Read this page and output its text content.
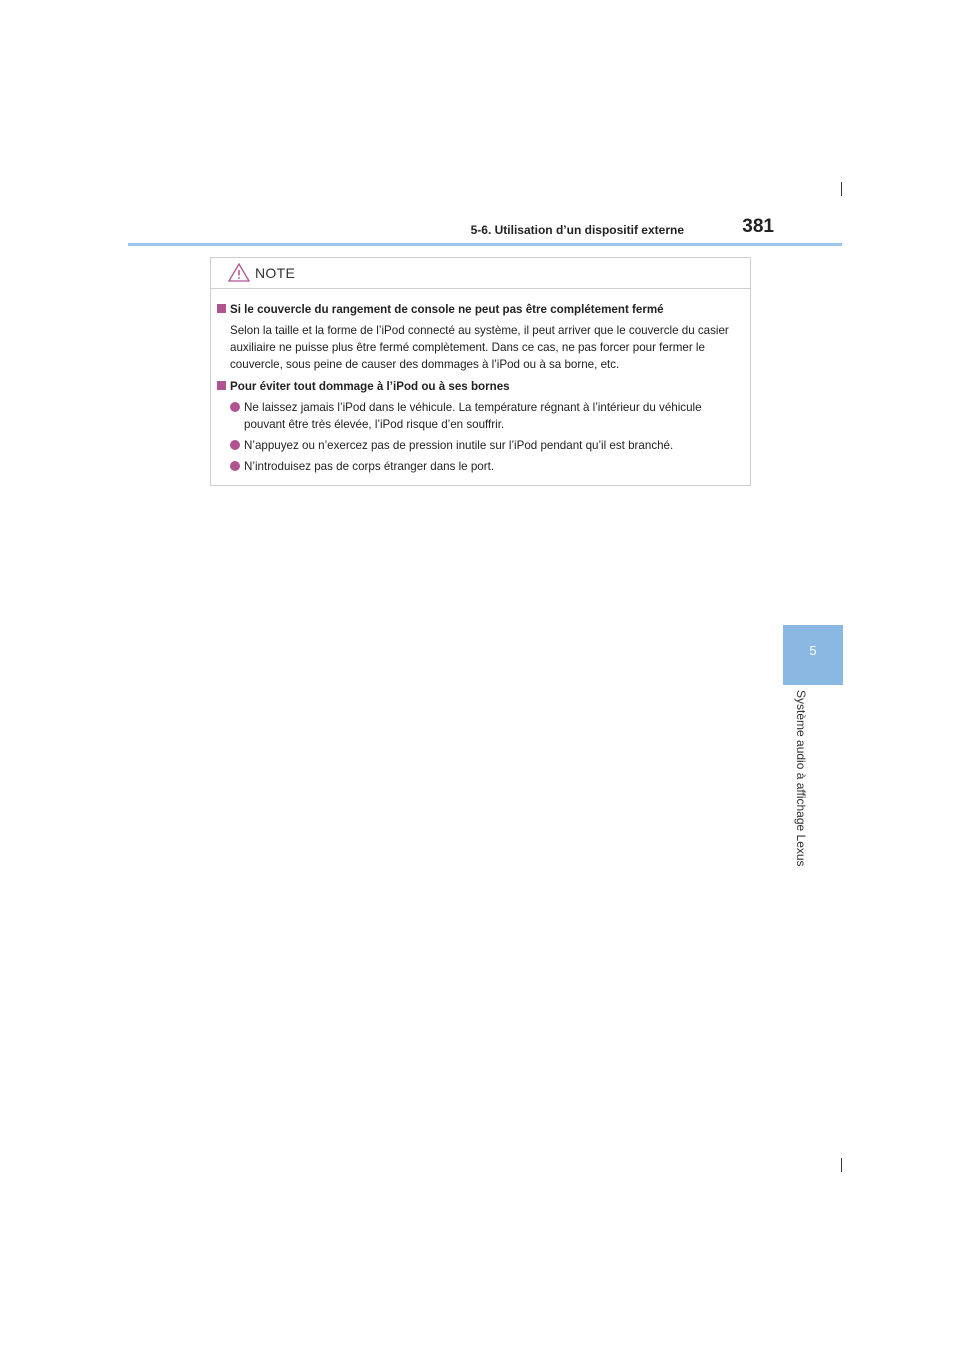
5-6. Utilisation d’un dispositif externe	381
5
Système audio à affichage Lexus
NOTE
Si le couvercle du rangement de console ne peut pas être complétement fermé
Selon la taille et la forme de l’iPod connecté au système, il peut arriver que le couvercle du casier auxiliaire ne puisse plus être fermé complètement. Dans ce cas, ne pas forcer pour fermer le couvercle, sous peine de causer des dommages à l’iPod ou à sa borne, etc.
Pour éviter tout dommage à l’iPod ou à ses bornes
Ne laissez jamais l’iPod dans le véhicule. La température régnant à l’intérieur du véhicule pouvant être très élevée, l’iPod risque d’en souffrir.
N’appuyez ou n’exercez pas de pression inutile sur l’iPod pendant qu’il est branché.
N’introduisez pas de corps étranger dans le port.
